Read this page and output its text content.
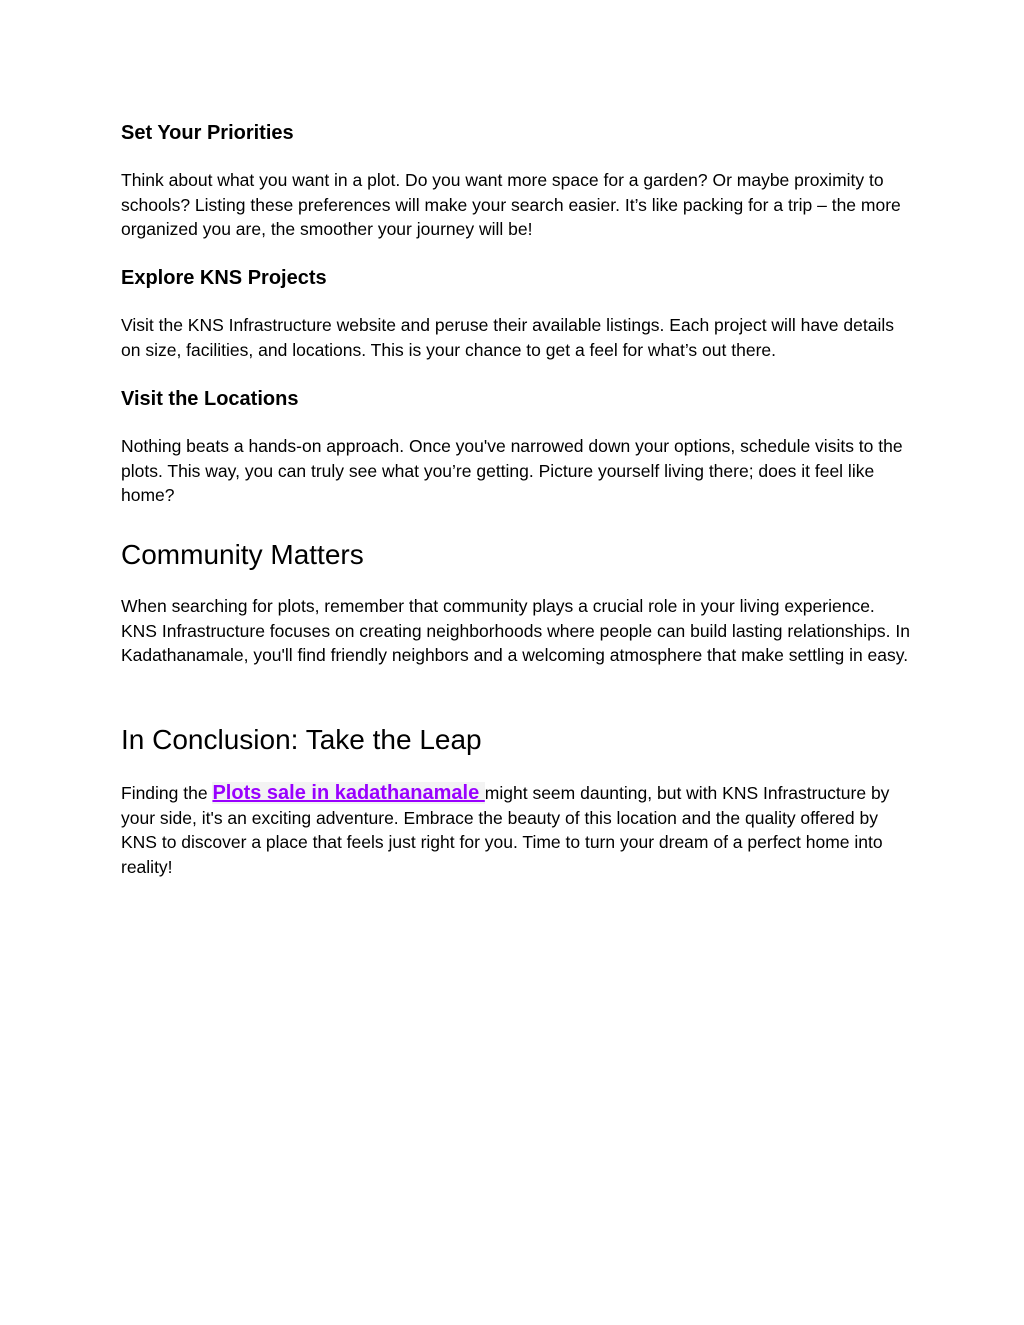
Set Your Priorities

Think about what you want in a plot. Do you want more space for a garden? Or maybe proximity to schools? Listing these preferences will make your search easier. It’s like packing for a trip – the more organized you are, the smoother your journey will be!

Explore KNS Projects

Visit the KNS Infrastructure website and peruse their available listings. Each project will have details on size, facilities, and locations. This is your chance to get a feel for what’s out there.

Visit the Locations

Nothing beats a hands-on approach. Once you've narrowed down your options, schedule visits to the plots. This way, you can truly see what you’re getting. Picture yourself living there; does it feel like home?

Community Matters

When searching for plots, remember that community plays a crucial role in your living experience. KNS Infrastructure focuses on creating neighborhoods where people can build lasting relationships. In Kadathanamale, you'll find friendly neighbors and a welcoming atmosphere that make settling in easy.

In Conclusion: Take the Leap

Finding the Plots sale in kadathanamale might seem daunting, but with KNS Infrastructure by your side, it's an exciting adventure. Embrace the beauty of this location and the quality offered by KNS to discover a place that feels just right for you. Time to turn your dream of a perfect home into reality!
